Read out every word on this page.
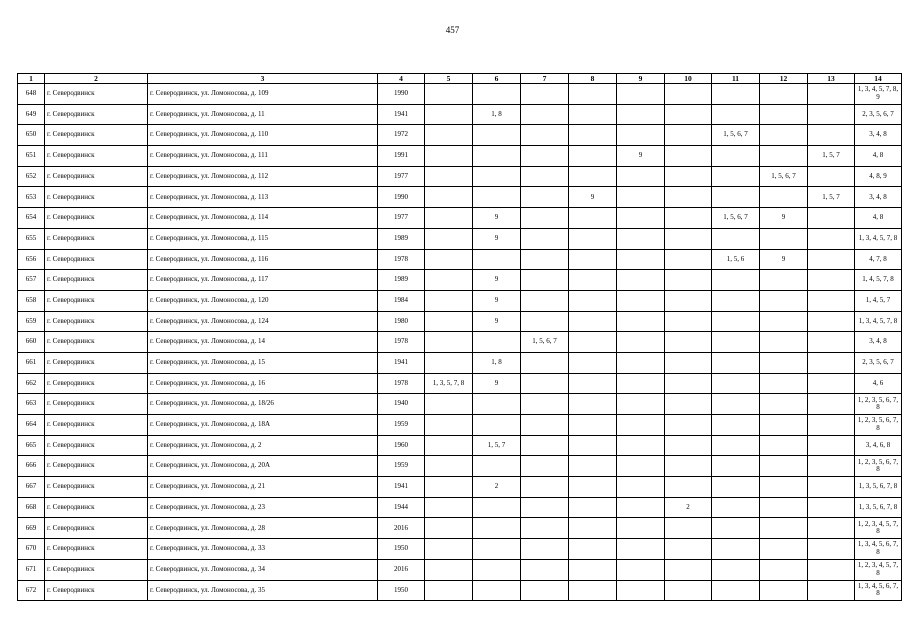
457
1	2	3	4	5	6	7	8	9	10	11	12	13	14
648	г. Северодвинск	г. Северодвинск, ул. Ломоносова, д. 109	1990										1, 3, 4, 5, 7, 8, 9
649	г. Северодвинск	г. Северодвинск, ул. Ломоносова, д. 11	1941		1, 8								2, 3, 5, 6, 7
650	г. Северодвинск	г. Северодвинск, ул. Ломоносова, д. 110	1972							1, 5, 6, 7			3, 4, 8
651	г. Северодвинск	г. Северодвинск, ул. Ломоносова, д. 111	1991					9				1, 5, 7	4, 8
652	г. Северодвинск	г. Северодвинск, ул. Ломоносова, д. 112	1977								1, 5, 6, 7		4, 8, 9
653	г. Северодвинск	г. Северодвинск, ул. Ломоносова, д. 113	1990				9					1, 5, 7	3, 4, 8
654	г. Северодвинск	г. Северодвинск, ул. Ломоносова, д. 114	1977		9					1, 5, 6, 7	9		4, 8
655	г. Северодвинск	г. Северодвинск, ул. Ломоносова, д. 115	1989		9								1, 3, 4, 5, 7, 8
656	г. Северодвинск	г. Северодвинск, ул. Ломоносова, д. 116	1978							1, 5, 6	9		4, 7, 8
657	г. Северодвинск	г. Северодвинск, ул. Ломоносова, д. 117	1989		9								1, 4, 5, 7, 8
658	г. Северодвинск	г. Северодвинск, ул. Ломоносова, д. 120	1984		9								1, 4, 5, 7
659	г. Северодвинск	г. Северодвинск, ул. Ломоносова, д. 124	1980		9								1, 3, 4, 5, 7, 8
660	г. Северодвинск	г. Северодвинск, ул. Ломоносова, д. 14	1978			1, 5, 6, 7							3, 4, 8
661	г. Северодвинск	г. Северодвинск, ул. Ломоносова, д. 15	1941		1, 8								2, 3, 5, 6, 7
662	г. Северодвинск	г. Северодвинск, ул. Ломоносова, д. 16	1978	1, 3, 5, 7, 8	9								4, 6
663	г. Северодвинск	г. Северодвинск, ул. Ломоносова, д. 18/26	1940										1, 2, 3, 5, 6, 7, 8
664	г. Северодвинск	г. Северодвинск, ул. Ломоносова, д. 18А	1959										1, 2, 3, 5, 6, 7, 8
665	г. Северодвинск	г. Северодвинск, ул. Ломоносова, д. 2	1960		1, 5, 7								3, 4, 6, 8
666	г. Северодвинск	г. Северодвинск, ул. Ломоносова, д. 20А	1959										1, 2, 3, 5, 6, 7, 8
667	г. Северодвинск	г. Северодвинск, ул. Ломоносова, д. 21	1941		2								1, 3, 5, 6, 7, 8
668	г. Северодвинск	г. Северодвинск, ул. Ломоносова, д. 23	1944						2				1, 3, 5, 6, 7, 8
669	г. Северодвинск	г. Северодвинск, ул. Ломоносова, д. 28	2016										1, 2, 3, 4, 5, 7, 8
670	г. Северодвинск	г. Северодвинск, ул. Ломоносова, д. 33	1950										1, 3, 4, 5, 6, 7, 8
671	г. Северодвинск	г. Северодвинск, ул. Ломоносова, д. 34	2016										1, 2, 3, 4, 5, 7, 8
672	г. Северодвинск	г. Северодвинск, ул. Ломоносова, д. 35	1950										1, 3, 4, 5, 6, 7, 8
